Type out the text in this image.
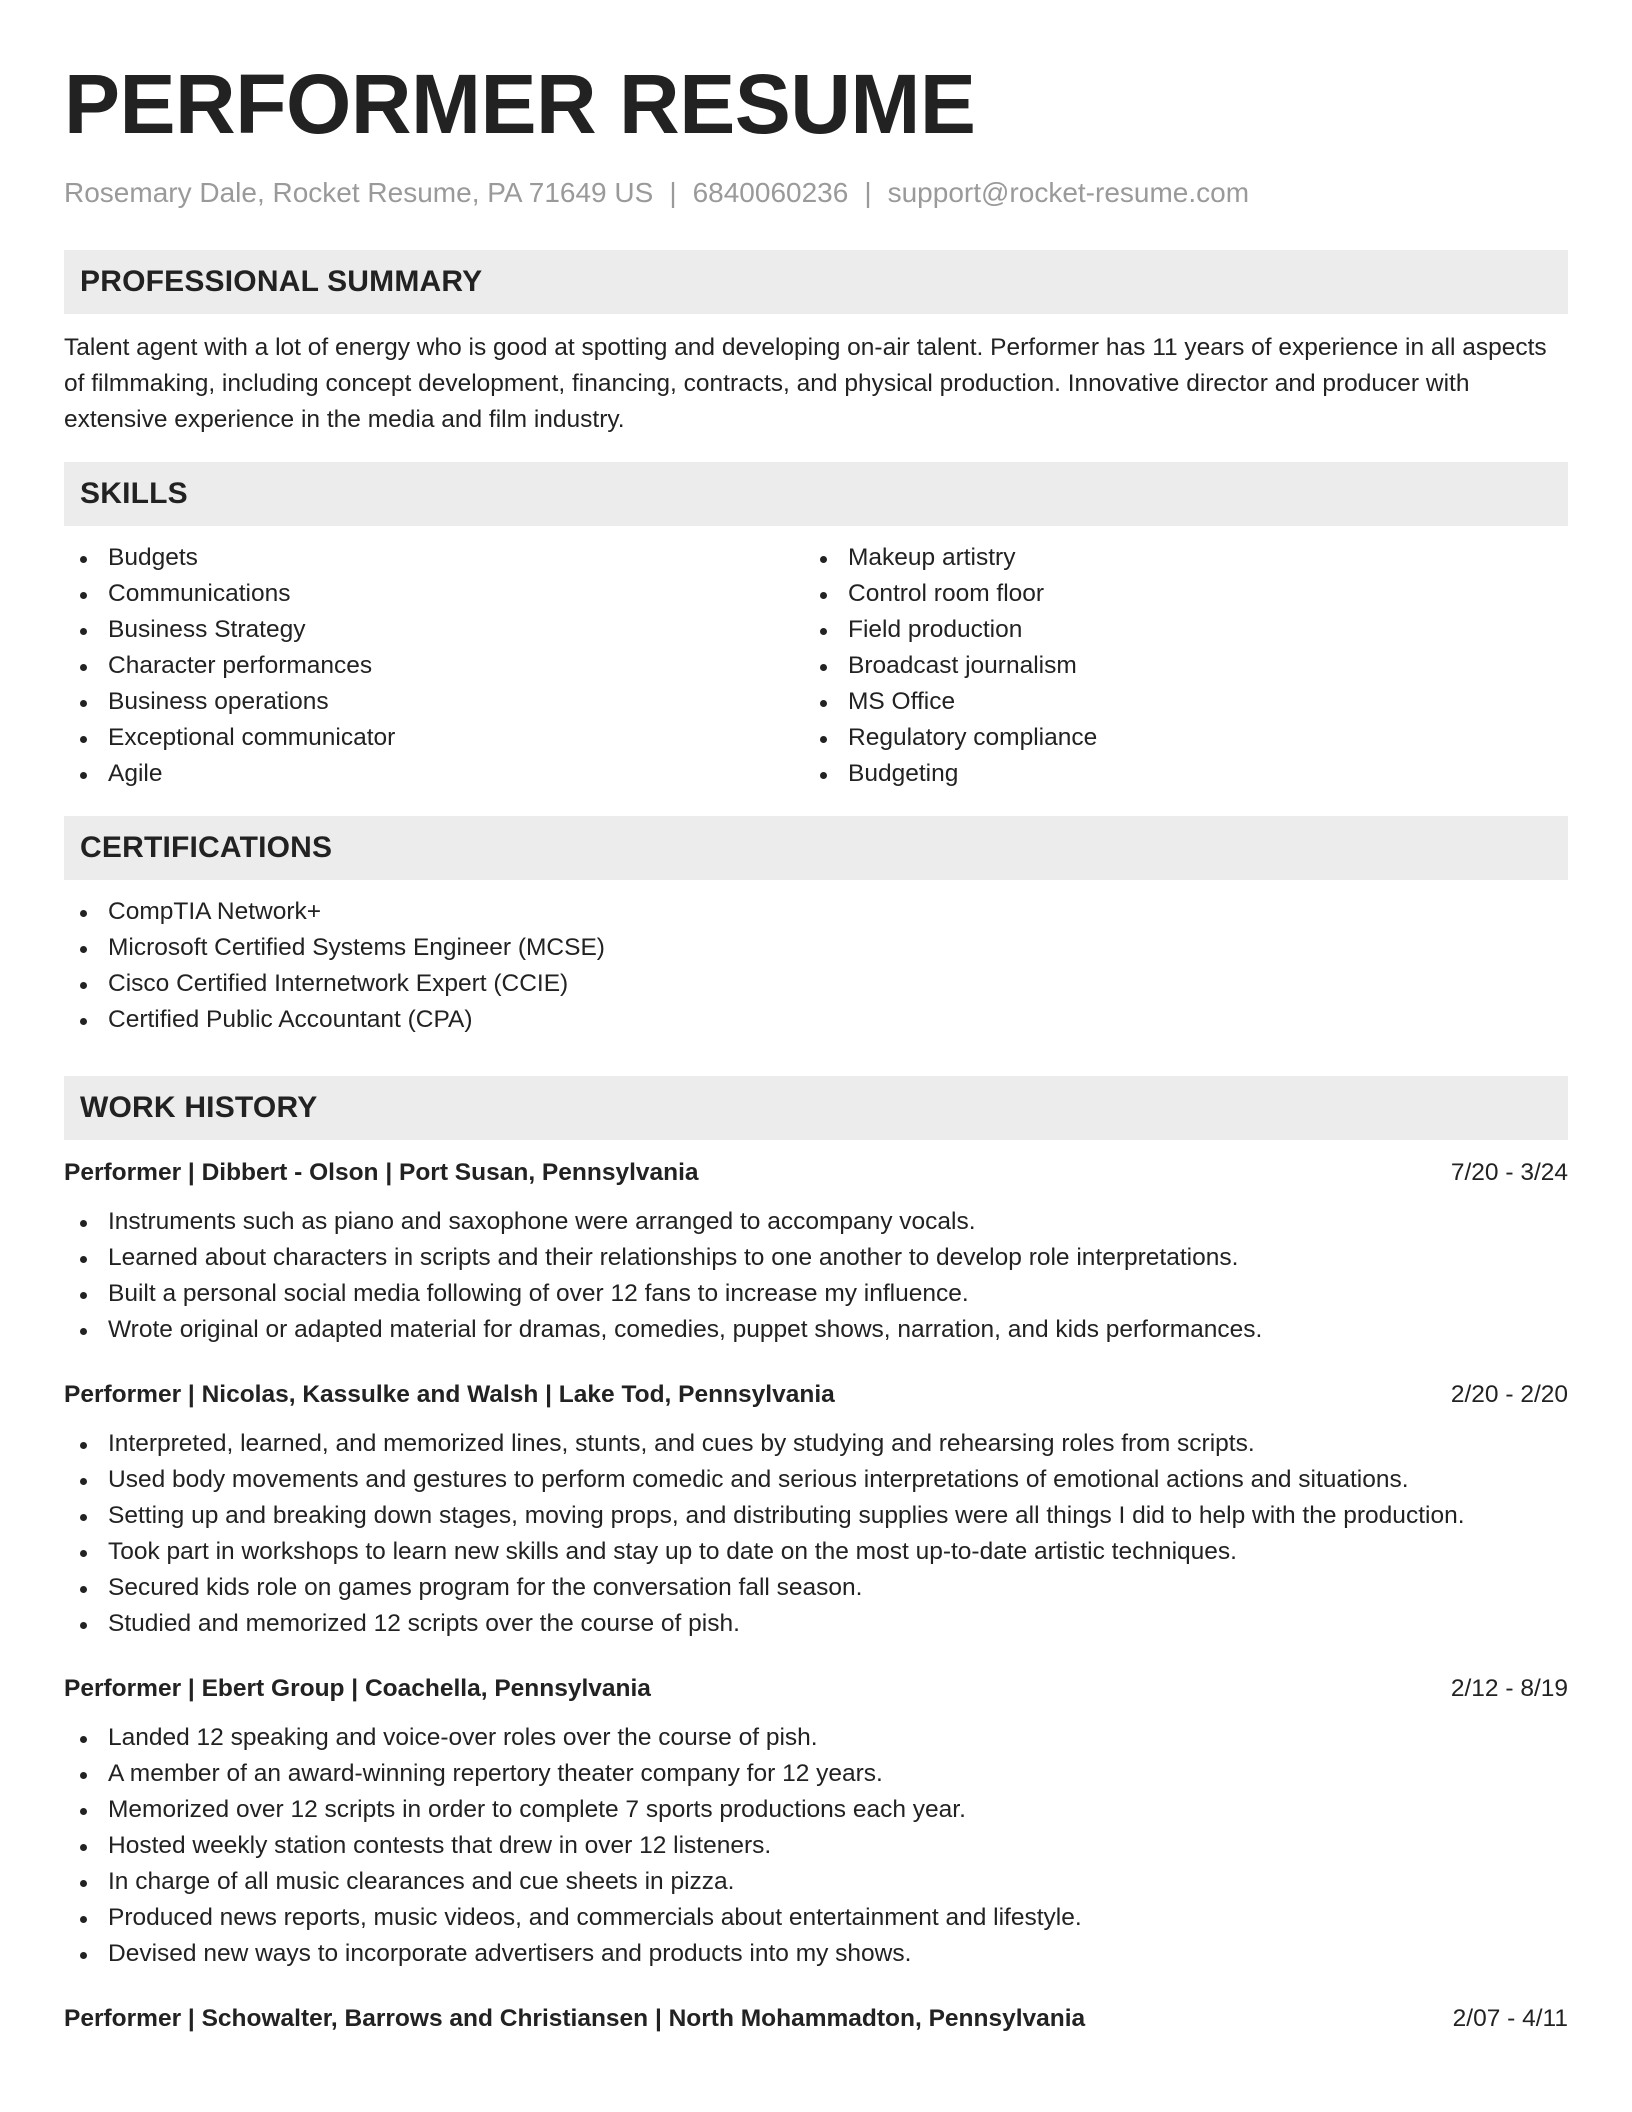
PERFORMER RESUME
Rosemary Dale, Rocket Resume, PA 71649 US | 6840060236 | support@rocket-resume.com
PROFESSIONAL SUMMARY

Talent agent with a lot of energy who is good at spotting and developing on-air talent. Performer has 11 years of experience in all aspects of filmmaking, including concept development, financing, contracts, and physical production. Innovative director and producer with extensive experience in the media and film industry.

SKILLS
Budgets
Communications
Business Strategy
Character performances
Business operations
Exceptional communicator
Agile
Makeup artistry
Control room floor
Field production
Broadcast journalism
MS Office
Regulatory compliance
Budgeting
CERTIFICATIONS
CompTIA Network+
Microsoft Certified Systems Engineer (MCSE)
Cisco Certified Internetwork Expert (CCIE)
Certified Public Accountant (CPA)
WORK HISTORY
Performer | Dibbert - Olson | Port Susan, Pennsylvania	7/20 - 3/24
Instruments such as piano and saxophone were arranged to accompany vocals.
Learned about characters in scripts and their relationships to one another to develop role interpretations.
Built a personal social media following of over 12 fans to increase my influence.
Wrote original or adapted material for dramas, comedies, puppet shows, narration, and kids performances.
Performer | Nicolas, Kassulke and Walsh | Lake Tod, Pennsylvania	2/20 - 2/20
Interpreted, learned, and memorized lines, stunts, and cues by studying and rehearsing roles from scripts.
Used body movements and gestures to perform comedic and serious interpretations of emotional actions and situations.
Setting up and breaking down stages, moving props, and distributing supplies were all things I did to help with the production.
Took part in workshops to learn new skills and stay up to date on the most up-to-date artistic techniques.
Secured kids role on games program for the conversation fall season.
Studied and memorized 12 scripts over the course of pish.
Performer | Ebert Group | Coachella, Pennsylvania	2/12 - 8/19
Landed 12 speaking and voice-over roles over the course of pish.
A member of an award-winning repertory theater company for 12 years.
Memorized over 12 scripts in order to complete 7 sports productions each year.
Hosted weekly station contests that drew in over 12 listeners.
In charge of all music clearances and cue sheets in pizza.
Produced news reports, music videos, and commercials about entertainment and lifestyle.
Devised new ways to incorporate advertisers and products into my shows.
Performer | Schowalter, Barrows and Christiansen | North Mohammadton, Pennsylvania	2/07 - 4/11
